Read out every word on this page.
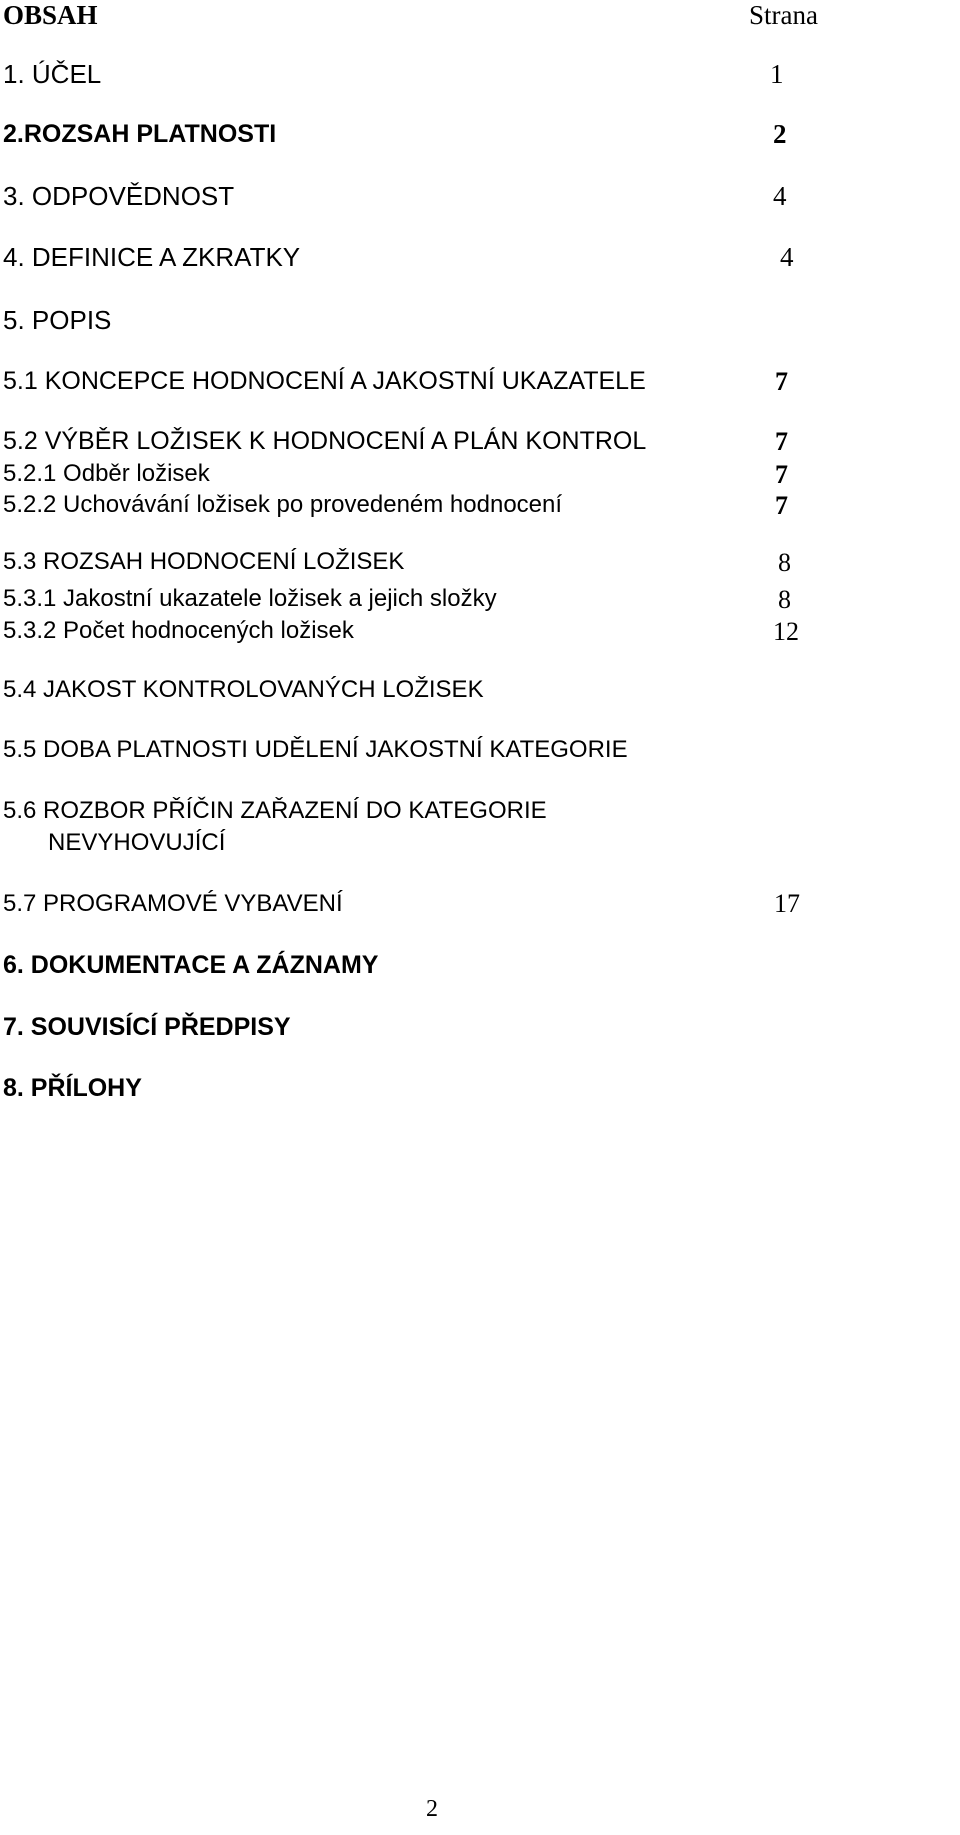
OBSAH	Strana
1. ÚČEL	1
2.ROZSAH PLATNOSTI	2
3. ODPOVĚDNOST	4
4. DEFINICE A ZKRATKY	4
5. POPIS
5.1 KONCEPCE HODNOCENÍ A JAKOSTNÍ UKAZATELE	7
5.2 VÝBĚR LOŽISEK K HODNOCENÍ A PLÁN KONTROL	7
5.2.1 Odběr ložisek	7
5.2.2 Uchovávání ložisek po provedeném hodnocení	7
5.3 ROZSAH HODNOCENÍ LOŽISEK	8
5.3.1 Jakostní ukazatele ložisek a jejich složky	8
5.3.2 Počet hodnocených ložisek	12
5.4 JAKOST KONTROLOVANÝCH LOŽISEK
5.5 DOBA PLATNOSTI UDĚLENÍ JAKOSTNÍ KATEGORIE
5.6 ROZBOR PŘÍČIN ZAŘAZENÍ DO KATEGORIE
NEVYHOVUJÍCÍ
5.7 PROGRAMOVÉ VYBAVENÍ	17
6. DOKUMENTACE A ZÁZNAMY
7. SOUVISÍCÍ PŘEDPISY
8. PŘÍLOHY
2
